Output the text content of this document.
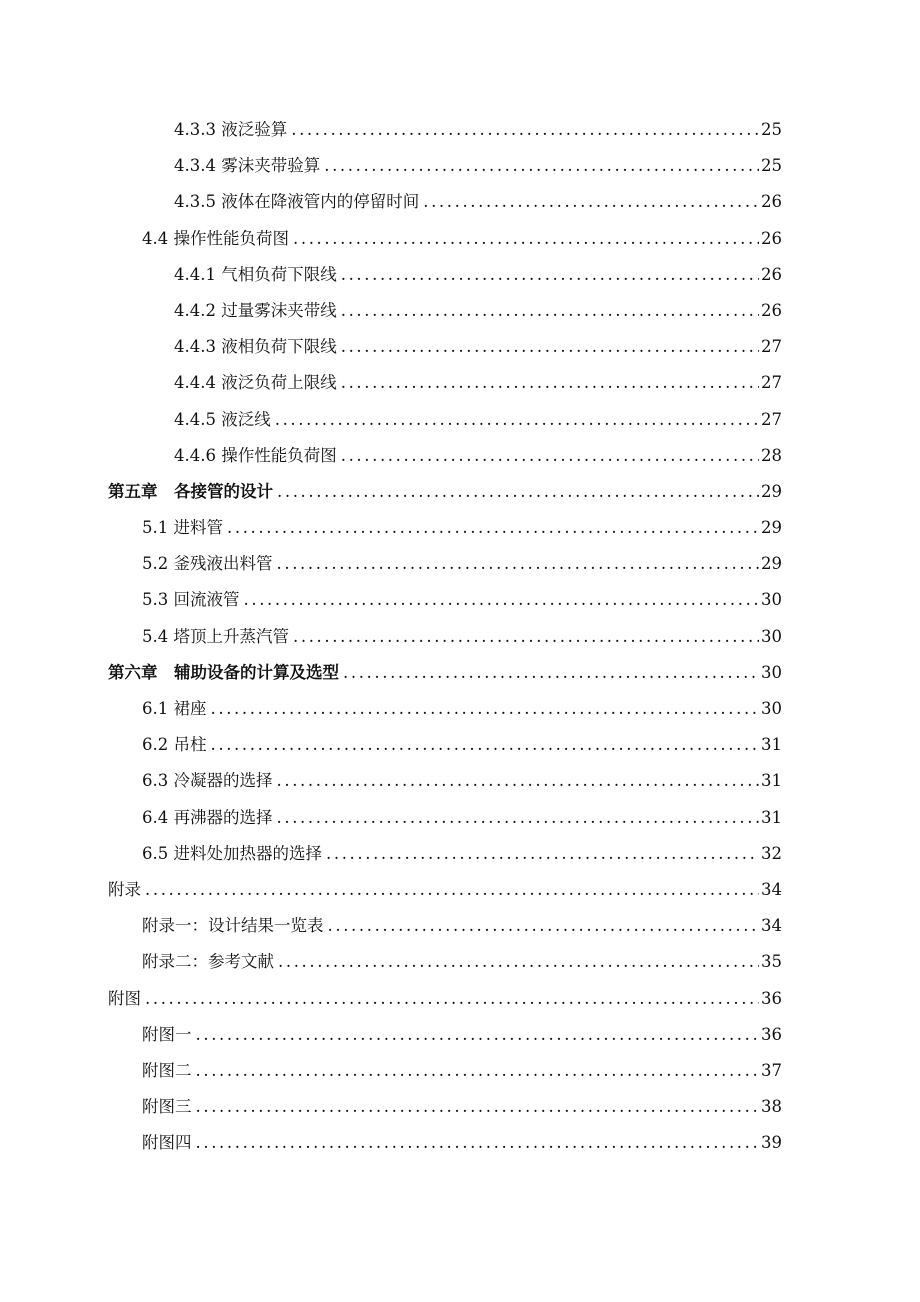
4.3.3 液泛验算 .....	25
4.3.4 雾沫夹带验算 .....	25
4.3.5 液体在降液管内的停留时间 .....	26
4.4 操作性能负荷图 .....	26
4.4.1 气相负荷下限线 .....	26
4.4.2 过量雾沫夹带线 .....	26
4.4.3 液相负荷下限线 .....	27
4.4.4 液泛负荷上限线 .....	27
4.4.5 液泛线 .....	27
4.4.6 操作性能负荷图 .....	28
第五章　各接管的设计 .....	29
5.1 进料管 .....	29
5.2 釜残液出料管 .....	29
5.3 回流液管 .....	30
5.4 塔顶上升蒸汽管 .....	30
第六章　辅助设备的计算及选型 .....	30
6.1 裙座 .....	30
6.2 吊柱 .....	31
6.3 冷凝器的选择 .....	31
6.4 再沸器的选择 .....	31
6.5 进料处加热器的选择 .....	32
附录 .....	34
附录一：设计结果一览表 .....	34
附录二：参考文献 .....	35
附图 .....	36
附图一 .....	36
附图二 .....	37
附图三 .....	38
附图四 .....	39
